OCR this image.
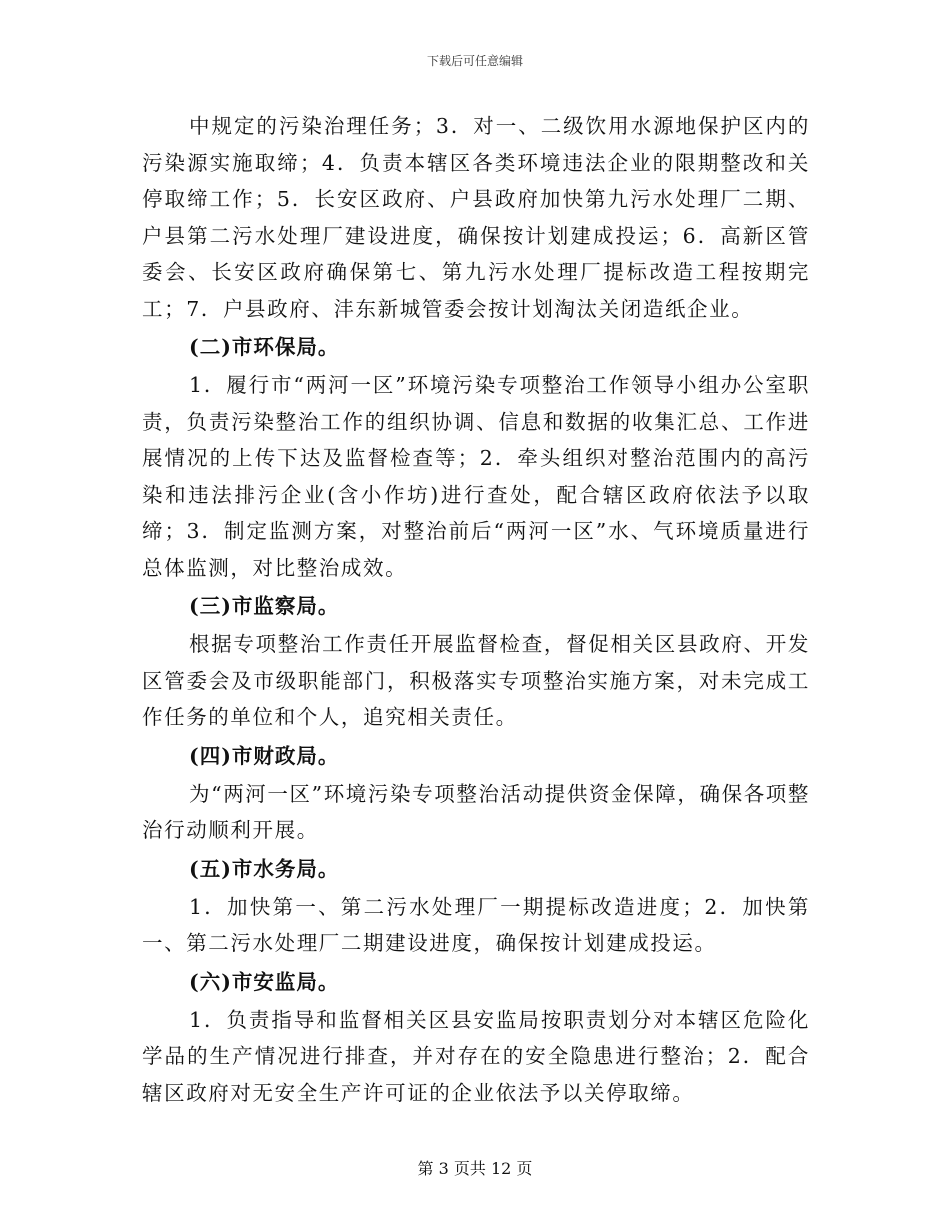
下载后可任意编辑

中规定的污染治理任务；3．对一、二级饮用水源地保护区内的污染源实施取缔；4．负责本辖区各类环境违法企业的限期整改和关停取缔工作；5．长安区政府、户县政府加快第九污水处理厂二期、户县第二污水处理厂建设进度，确保按计划建成投运；6．高新区管委会、长安区政府确保第七、第九污水处理厂提标改造工程按期完工；7．户县政府、沣东新城管委会按计划淘汰关闭造纸企业。

(二)市环保局。

1．履行市“两河一区”环境污染专项整治工作领导小组办公室职责，负责污染整治工作的组织协调、信息和数据的收集汇总、工作进展情况的上传下达及监督检查等；2．牵头组织对整治范围内的高污染和违法排污企业(含小作坊)进行查处，配合辖区政府依法予以取缔；3．制定监测方案，对整治前后“两河一区”水、气环境质量进行总体监测，对比整治成效。

(三)市监察局。

根据专项整治工作责任开展监督检查，督促相关区县政府、开发区管委会及市级职能部门，积极落实专项整治实施方案，对未完成工作任务的单位和个人，追究相关责任。

(四)市财政局。

为“两河一区”环境污染专项整治活动提供资金保障，确保各项整治行动顺利开展。

(五)市水务局。

1．加快第一、第二污水处理厂一期提标改造进度；2．加快第一、第二污水处理厂二期建设进度，确保按计划建成投运。

(六)市安监局。

1．负责指导和监督相关区县安监局按职责划分对本辖区危险化学品的生产情况进行排查，并对存在的安全隐患进行整治；2．配合辖区政府对无安全生产许可证的企业依法予以关停取缔。

第 3 页共 12 页
